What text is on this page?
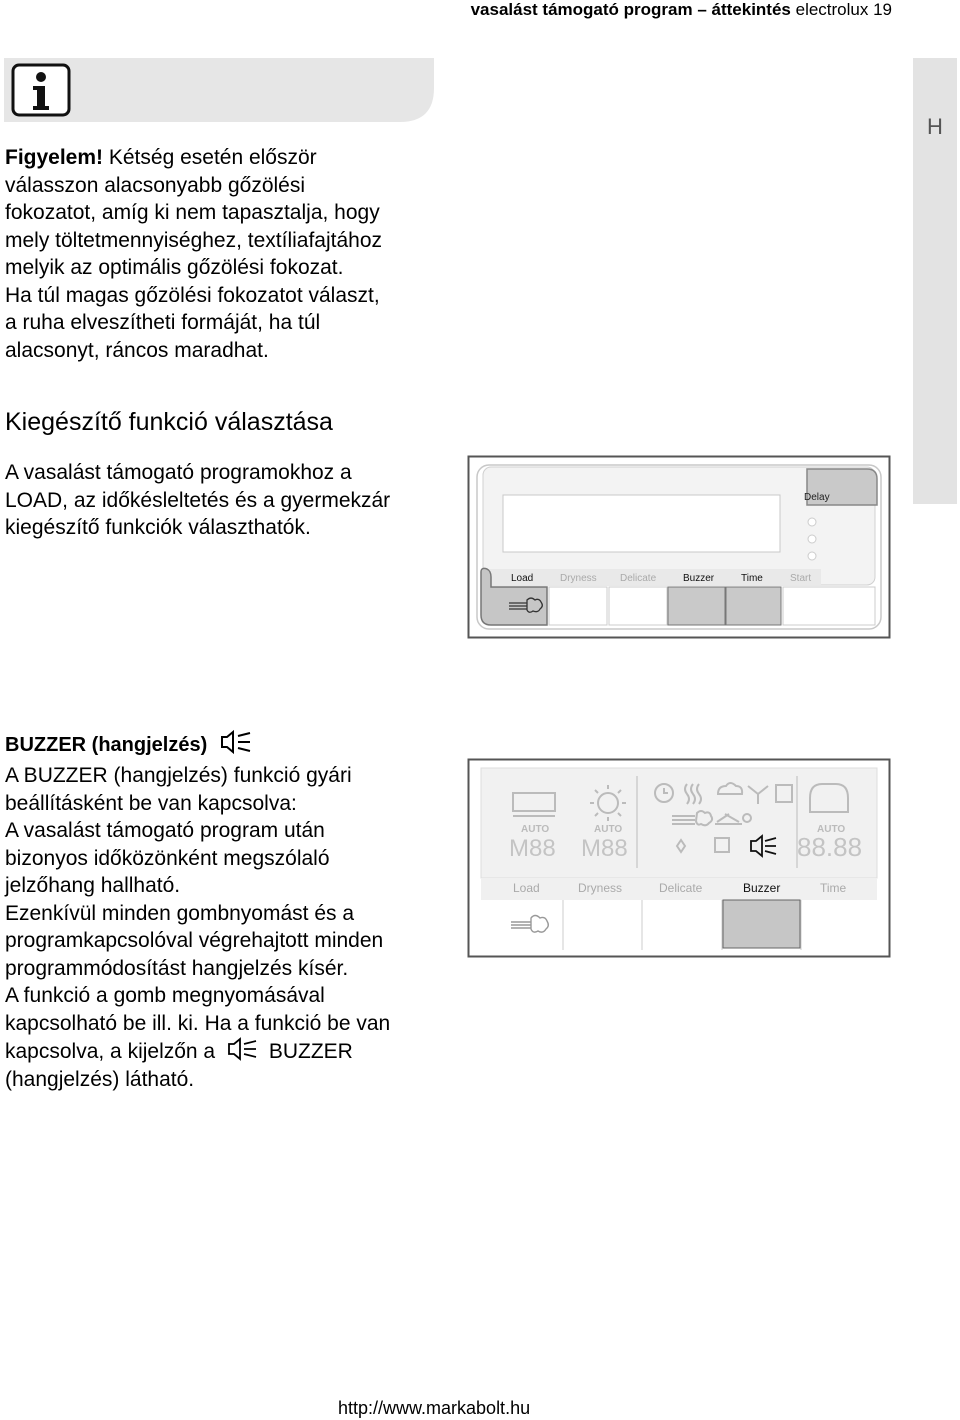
vasalást támogató program – áttekintés electrolux 19
H
Figyelem! Kétség esetén először
válasszon alacsonyabb gőzölési
fokozatot, amíg ki nem tapasztalja, hogy
mely töltetmennyiséghez, textíliafajtához
melyik az optimális gőzölési fokozat.
Ha túl magas gőzölési fokozatot választ,
a ruha elveszítheti formáját, ha túl
alacsonyt, ráncos maradhat.
Kiegészítő funkció választása
A vasalást támogató programokhoz a
LOAD, az időkésleltetés és a gyermekzár
kiegészítő funkciók választhatók.
Delay
Load	Dryness Delicate	Buzzer	Time	Start
BUZZER (hangjelzés)
A BUZZER (hangjelzés) funkció gyári
beállításként be van kapcsolva:
A vasalást támogató program után
bizonyos időközönként megszólaló
jelzőhang hallható.
Ezenkívül minden gombnyomást és a
programkapcsolóval végrehajtott minden
programmódosítást hangjelzés kísér.
A funkció a gomb megnyomásával
kapcsolható be ill. ki. Ha a funkció be van
kapcsolva, a kijelzőn a	BUZZER
(hangjelzés) látható.
AUTO	AUTO	AUTO
M88 M88	88.88
Load	Dryness	Delicate	Buzzer	Time
http://www.markabolt.hu
